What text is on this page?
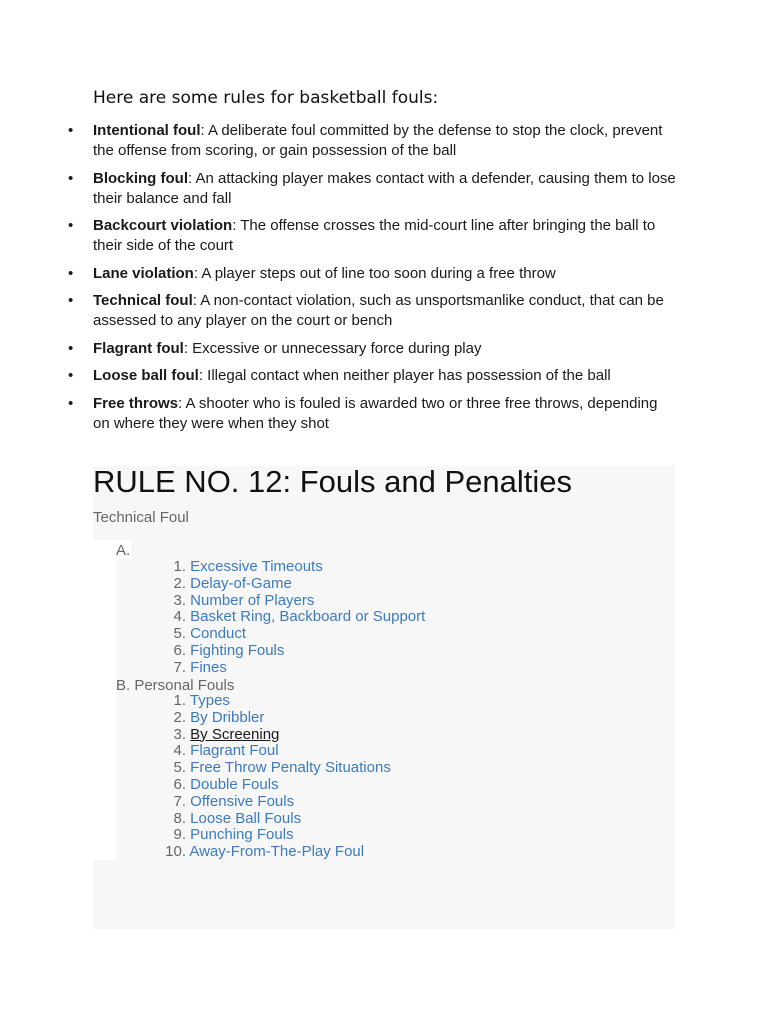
Here are some rules for basketball fouls:

• Intentional foul: A deliberate foul committed by the defense to stop the clock, prevent the offense from scoring, or gain possession of the ball
• Blocking foul: An attacking player makes contact with a defender, causing them to lose their balance and fall
• Backcourt violation: The offense crosses the mid-court line after bringing the ball to their side of the court
• Lane violation: A player steps out of line too soon during a free throw
• Technical foul: A non-contact violation, such as unsportsmanlike conduct, that can be assessed to any player on the court or bench
• Flagrant foul: Excessive or unnecessary force during play
• Loose ball foul: Illegal contact when neither player has possession of the ball
• Free throws: A shooter who is fouled is awarded two or three free throws, depending on where they were when they shot
RULE NO. 12: Fouls and Penalties
Technical Foul
A.
1. Excessive Timeouts
2. Delay-of-Game
3. Number of Players
4. Basket Ring, Backboard or Support
5. Conduct
6. Fighting Fouls
7. Fines
B. Personal Fouls
1. Types
2. By Dribbler
3. By Screening
4. Flagrant Foul
5. Free Throw Penalty Situations
6. Double Fouls
7. Offensive Fouls
8. Loose Ball Fouls
9. Punching Fouls
10. Away-From-The-Play Foul
